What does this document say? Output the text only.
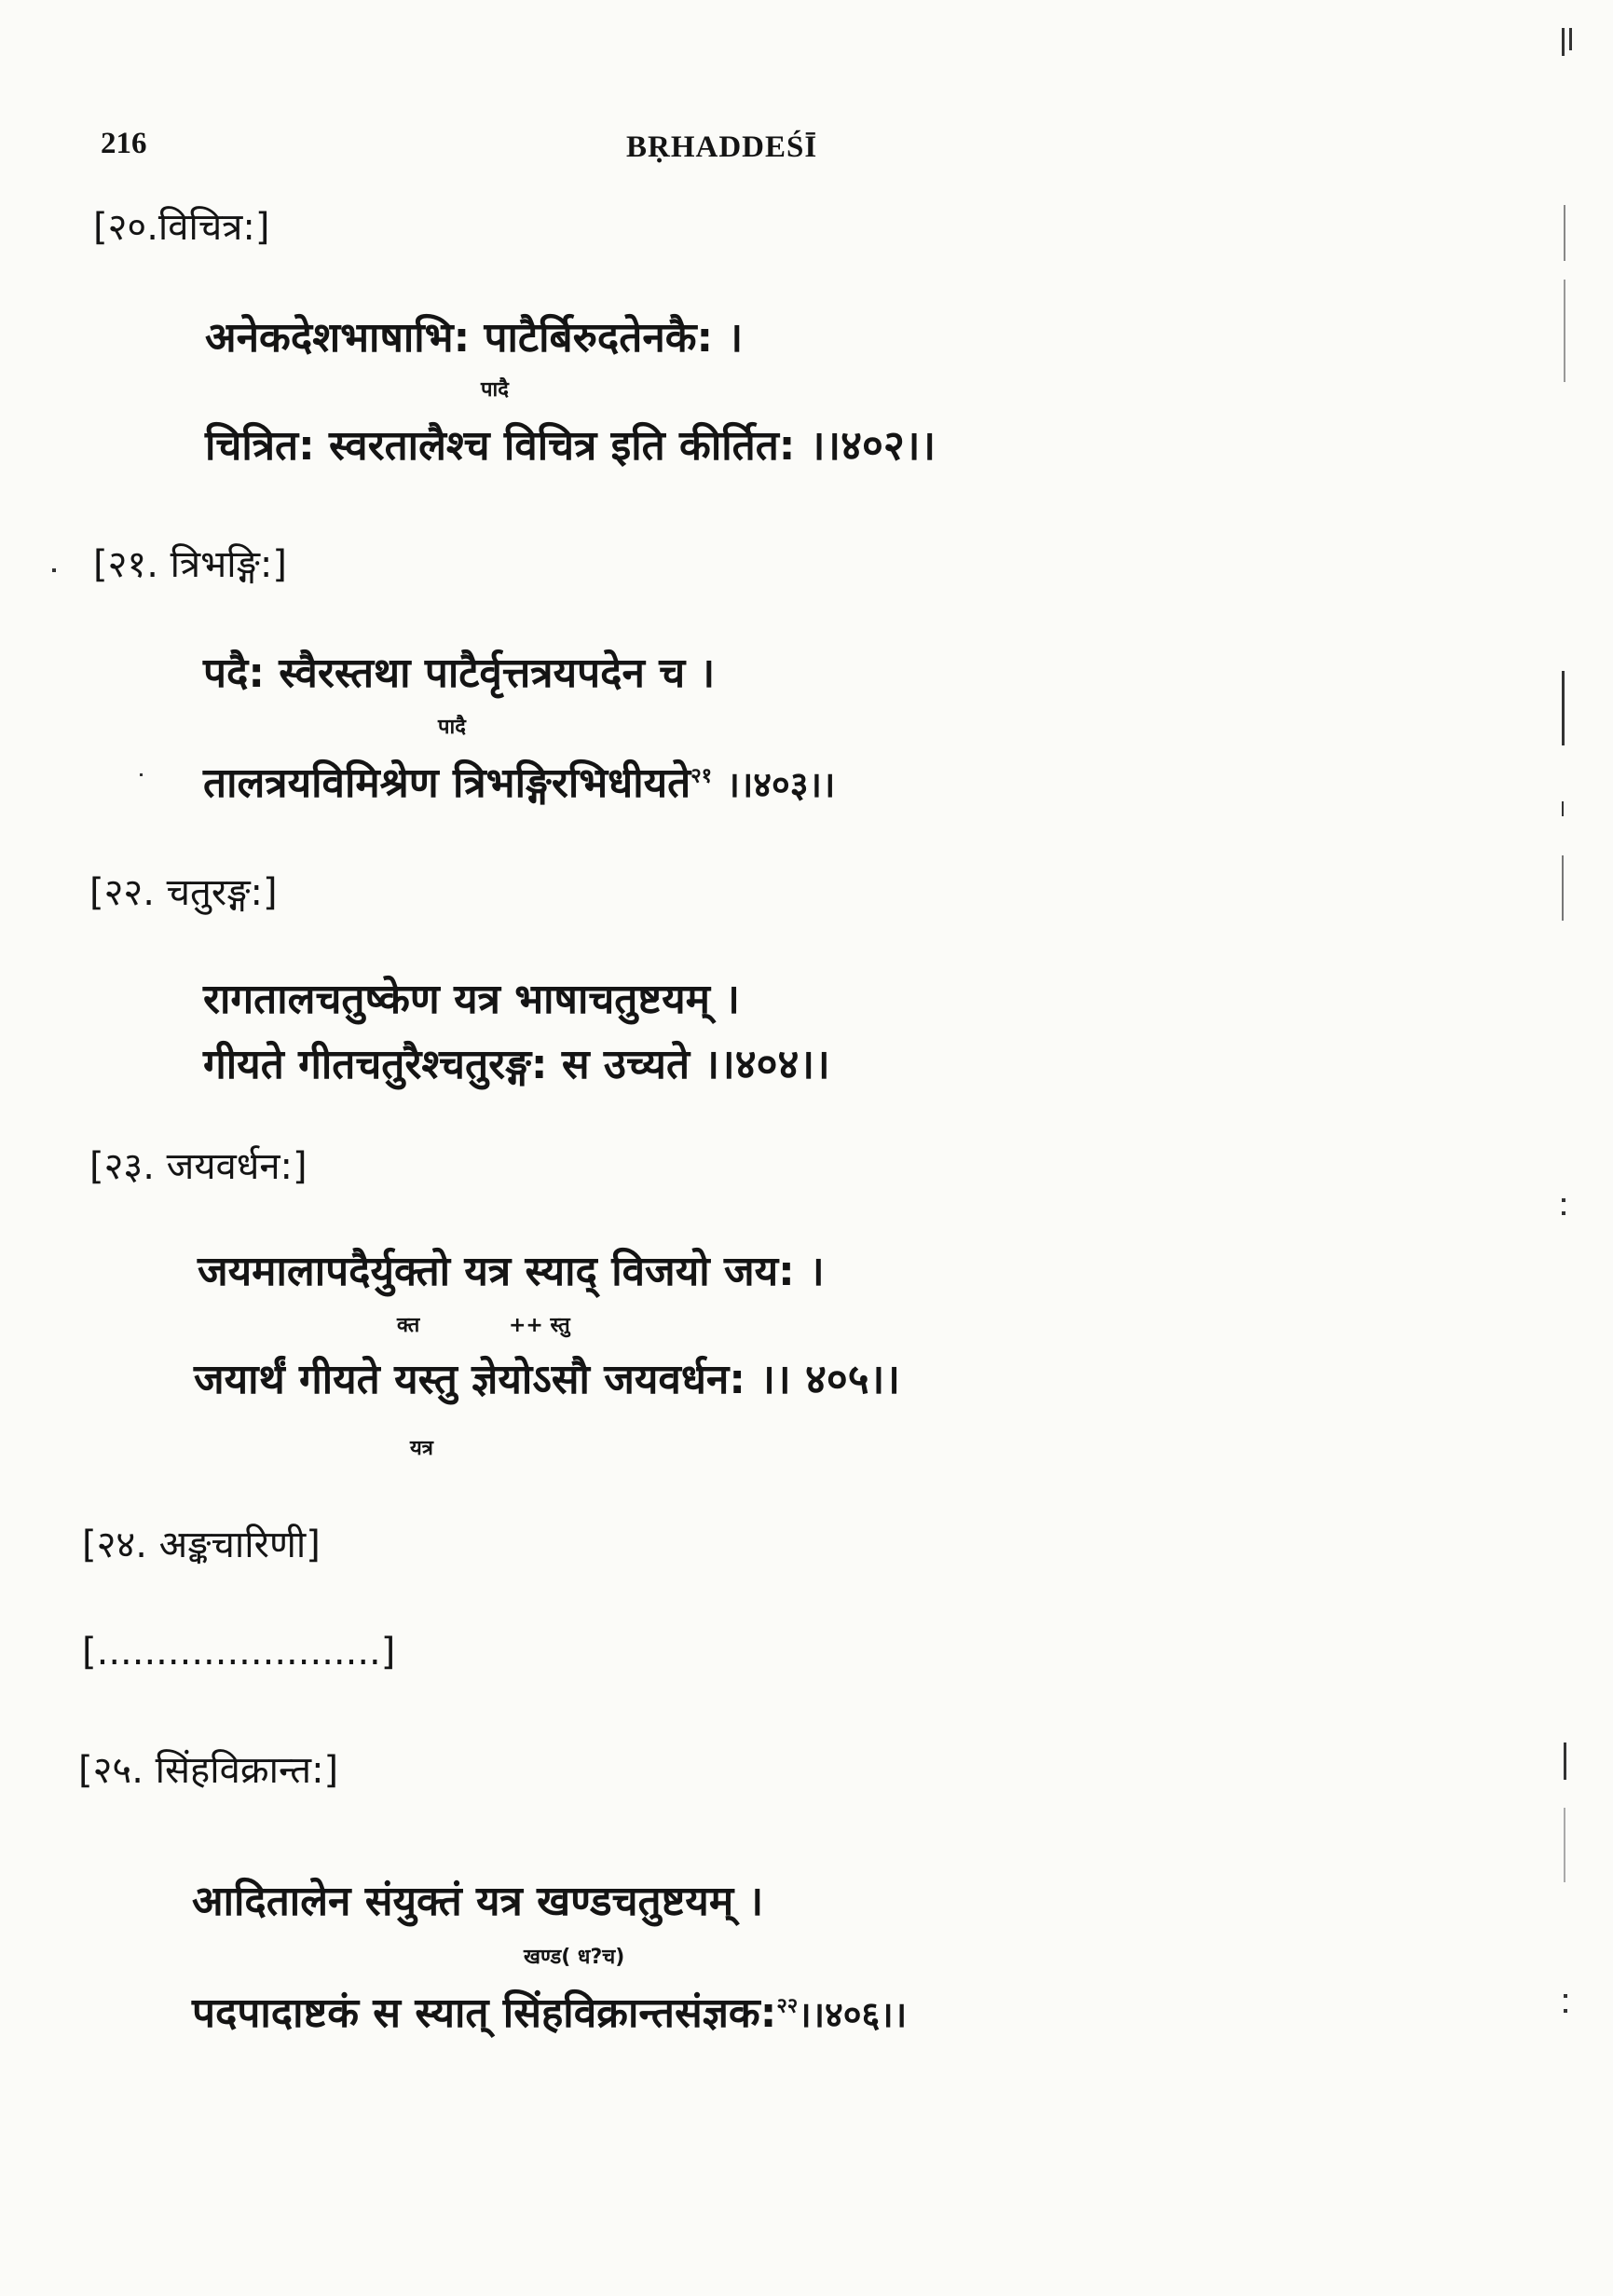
216	BṚHADDEŚĪ
[२०.विचित्र:]
अनेकदेशभाषाभि: पाटैर्बिरुदतेनकै: ।
पादै
चित्रित: स्वरतालैश्च विचित्र इति कीर्तित: ।।४०२।।
[२१. त्रिभङ्गि:]
पदै: स्वैरस्तथा पाटैर्वृत्तत्रयपदेन च ।
पादै
तालत्रयविमिश्रेण त्रिभङ्गिरभिधीयते$^{२१}$ ।।४०३।।
[२२. चतुरङ्ग:]
रागतालचतुष्केण यत्र भाषाचतुष्टयम् ।
गीयते गीतचतुरैश्चतुरङ्ग: स उच्यते ।।४०४।।
[२३. जयवर्धन:]
जयमालापदैर्युक्तो यत्र स्याद् विजयो जय: ।
क्त	++ स्तु
जयार्थं गीयते यस्तु ज्ञेयोऽसौ जयवर्धन: ।। ४०५।।
यत्र
[२४. अङ्कचारिणी]
[........................]
[२५. सिंहविक्रान्त:]
आदितालेन संयुक्तं यत्र खण्डचतुष्टयम् ।
खण्ड( ध?च)
पदपादाष्टकं स स्यात् सिंहविक्रान्तसंज्ञक:$^{२२}$।।४०६।।
